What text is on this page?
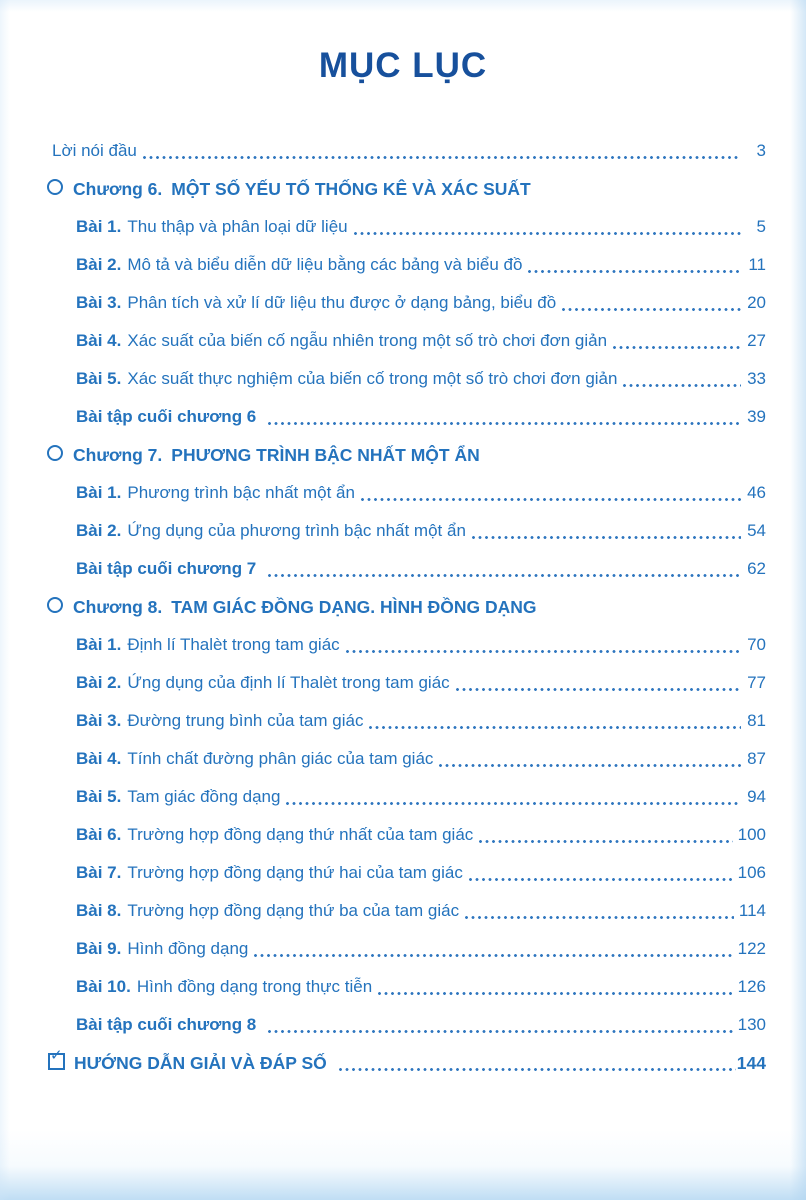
MỤC LỤC
Lời nói đầu	3
Chương 6. MỘT SỐ YẾU TỐ THỐNG KÊ VÀ XÁC SUẤT
Bài 1. Thu thập và phân loại dữ liệu	5
Bài 2. Mô tả và biểu diễn dữ liệu bằng các bảng và biểu đồ	11
Bài 3. Phân tích và xử lí dữ liệu thu được ở dạng bảng, biểu đồ	20
Bài 4. Xác suất của biến cố ngẫu nhiên trong một số trò chơi đơn giản	27
Bài 5. Xác suất thực nghiệm của biến cố trong một số trò chơi đơn giản	33
Bài tập cuối chương 6	39
Chương 7. PHƯƠNG TRÌNH BẬC NHẤT MỘT ẨN
Bài 1. Phương trình bậc nhất một ẩn	46
Bài 2. Ứng dụng của phương trình bậc nhất một ẩn	54
Bài tập cuối chương 7	62
Chương 8. TAM GIÁC ĐỒNG DẠNG. HÌNH ĐỒNG DẠNG
Bài 1. Định lí Thalèt trong tam giác	70
Bài 2. Ứng dụng của định lí Thalèt trong tam giác	77
Bài 3. Đường trung bình của tam giác	81
Bài 4. Tính chất đường phân giác của tam giác	87
Bài 5. Tam giác đồng dạng	94
Bài 6. Trường hợp đồng dạng thứ nhất của tam giác	100
Bài 7. Trường hợp đồng dạng thứ hai của tam giác	106
Bài 8. Trường hợp đồng dạng thứ ba của tam giác	114
Bài 9. Hình đồng dạng	122
Bài 10. Hình đồng dạng trong thực tiễn	126
Bài tập cuối chương 8	130
✓
HƯỚNG DẪN GIẢI VÀ ĐÁP SỐ	144
